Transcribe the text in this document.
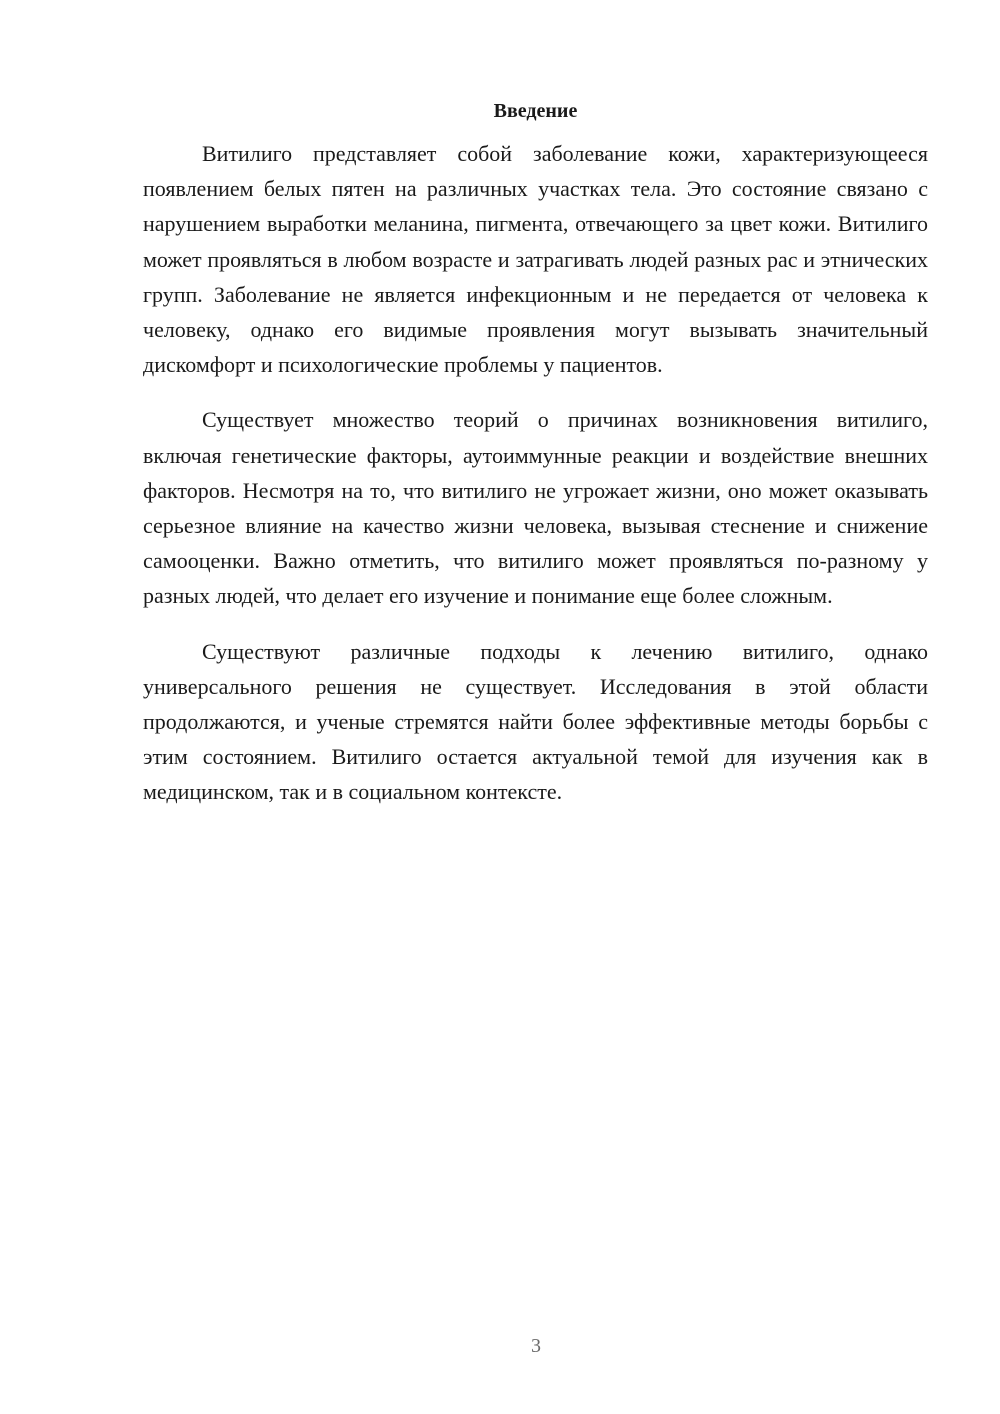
Введение

Витилиго представляет собой заболевание кожи, характеризующееся появлением белых пятен на различных участках тела. Это состояние связано с нарушением выработки меланина, пигмента, отвечающего за цвет кожи. Витилиго может проявляться в любом возрасте и затрагивать людей разных рас и этнических групп. Заболевание не является инфекционным и не передается от человека к человеку, однако его видимые проявления могут вызывать значительный дискомфорт и психологические проблемы у пациентов.

Существует множество теорий о причинах возникновения витилиго, включая генетические факторы, аутоиммунные реакции и воздействие внешних факторов. Несмотря на то, что витилиго не угрожает жизни, оно может оказывать серьезное влияние на качество жизни человека, вызывая стеснение и снижение самооценки. Важно отметить, что витилиго может проявляться по-разному у разных людей, что делает его изучение и понимание еще более сложным.

Существуют различные подходы к лечению витилиго, однако универсального решения не существует. Исследования в этой области продолжаются, и ученые стремятся найти более эффективные методы борьбы с этим состоянием. Витилиго остается актуальной темой для изучения как в медицинском, так и в социальном контексте.

3
